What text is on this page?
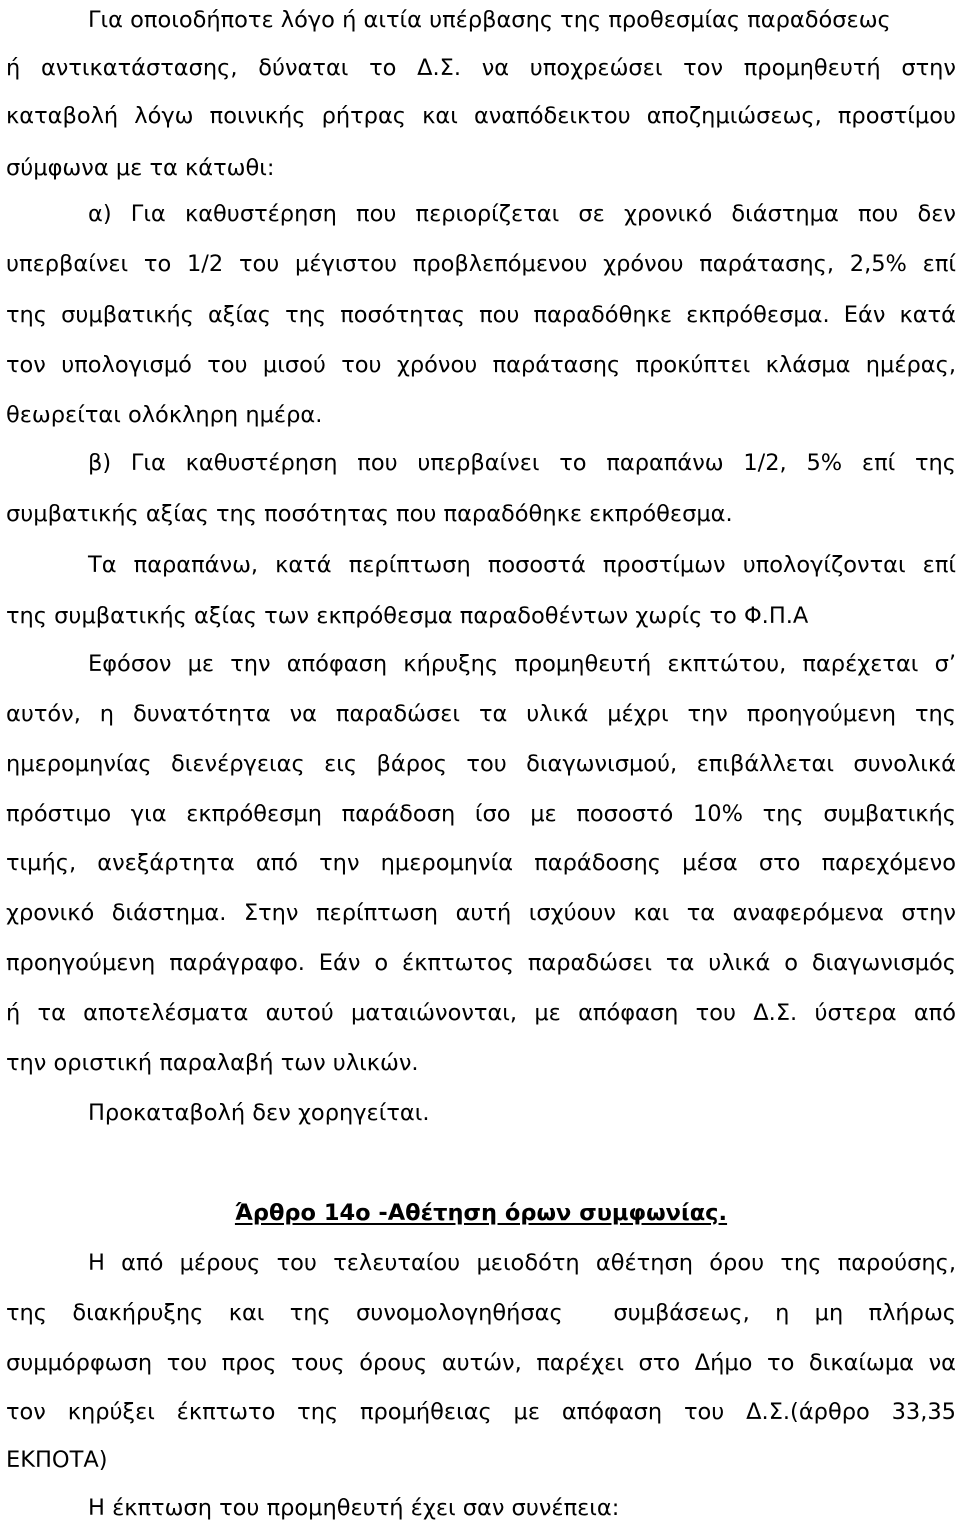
Για οποιοδήποτε λόγο ή αιτία υπέρβασης της προθεσμίας παραδόσεως
ή αντικατάστασης, δύναται το Δ.Σ. να υποχρεώσει τον προμηθευτή στην
καταβολή λόγω ποινικής ρήτρας και αναπόδεικτου αποζημιώσεως, προστίμου
σύμφωνα με τα κάτωθι:
α) Για καθυστέρηση που περιορίζεται σε χρονικό διάστημα που δεν
υπερβαίνει το 1/2 του μέγιστου προβλεπόμενου χρόνου παράτασης, 2,5% επί
της συμβατικής αξίας της ποσότητας που παραδόθηκε εκπρόθεσμα. Εάν κατά
τον υπολογισμό του μισού του χρόνου παράτασης προκύπτει κλάσμα ημέρας,
θεωρείται ολόκληρη ημέρα.
β) Για καθυστέρηση που υπερβαίνει το παραπάνω 1/2, 5% επί της
συμβατικής αξίας της ποσότητας που παραδόθηκε εκπρόθεσμα.
Τα παραπάνω, κατά περίπτωση ποσοστά προστίμων υπολογίζονται επί
της συμβατικής αξίας των εκπρόθεσμα παραδοθέντων χωρίς το Φ.Π.Α
Εφόσον με την απόφαση κήρυξης προμηθευτή εκπτώτου, παρέχεται σ’
αυτόν, η δυνατότητα να παραδώσει τα υλικά μέχρι την προηγούμενη της
ημερομηνίας διενέργειας εις βάρος του διαγωνισμού, επιβάλλεται συνολικά
πρόστιμο για εκπρόθεσμη παράδοση ίσο με ποσοστό 10% της συμβατικής
τιμής, ανεξάρτητα από την ημερομηνία παράδοσης μέσα στο παρεχόμενο
χρονικό διάστημα. Στην περίπτωση αυτή ισχύουν και τα αναφερόμενα στην
προηγούμενη παράγραφο. Εάν ο έκπτωτος παραδώσει τα υλικά ο διαγωνισμός
ή τα αποτελέσματα αυτού ματαιώνονται, με απόφαση του Δ.Σ. ύστερα από
την οριστική παραλαβή των υλικών.
Προκαταβολή δεν χορηγείται.
Άρθρο 14ο -Αθέτηση όρων συμφωνίας.
Η από μέρους του τελευταίου μειοδότη αθέτηση όρου της παρούσης,
της διακήρυξης και της συνομολογηθήσας  συμβάσεως, η μη πλήρως
συμμόρφωση του προς τους όρους αυτών, παρέχει στο Δήμο το δικαίωμα να
τον κηρύξει έκπτωτο της προμήθειας με απόφαση του Δ.Σ.(άρθρο 33,35
ΕΚΠΟΤΑ)
Η έκπτωση του προμηθευτή έχει σαν συνέπεια:
